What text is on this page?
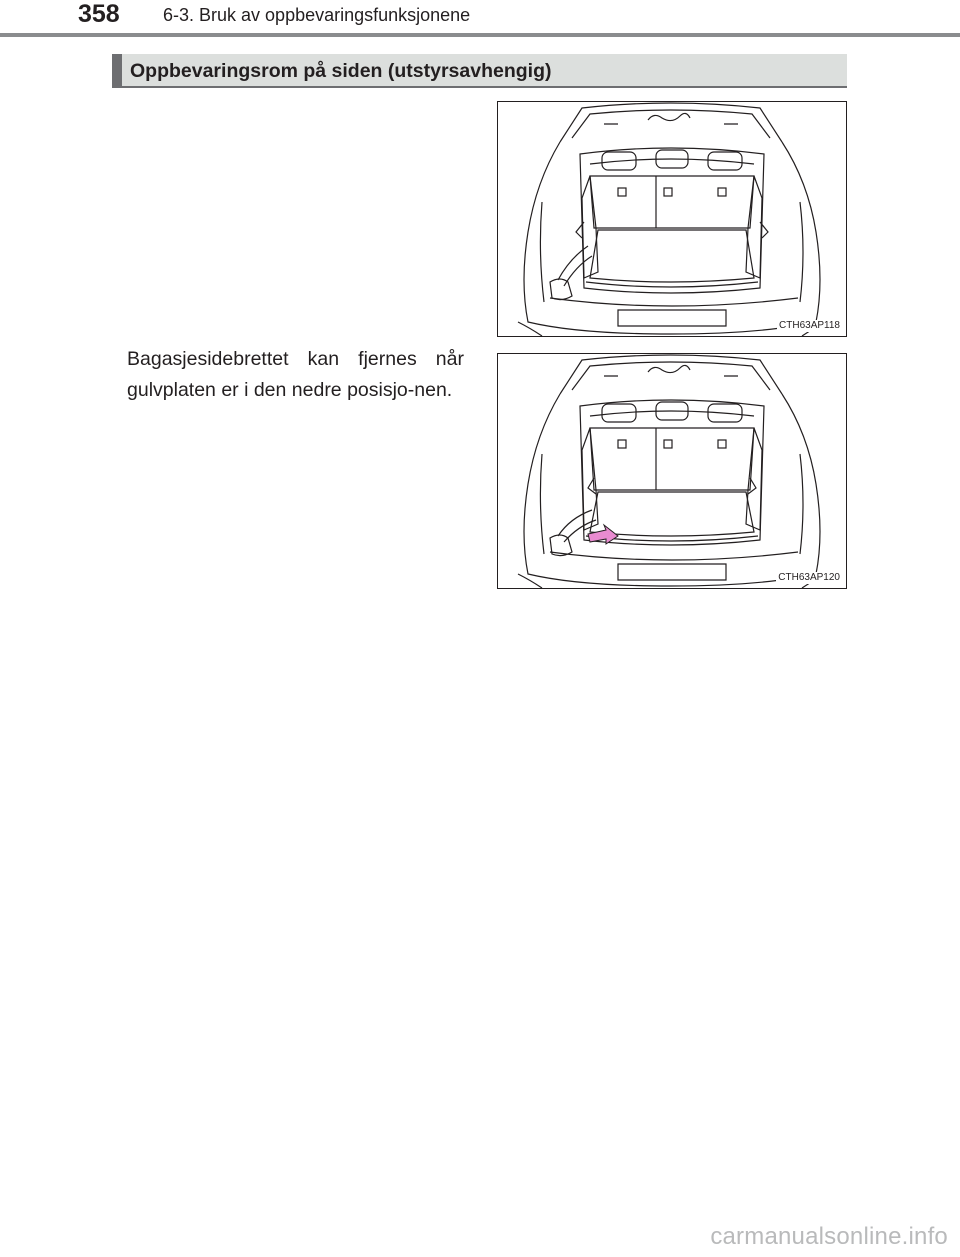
358 6-3. Bruk av oppbevaringsfunksjonene
Oppbevaringsrom på siden (utstyrsavhengig)
CTH63AP118
CTH63AP120
Bagasjesidebrettet kan fjernes når gulvplaten er i den nedre posisjo-nen.
carmanualsonline.info
